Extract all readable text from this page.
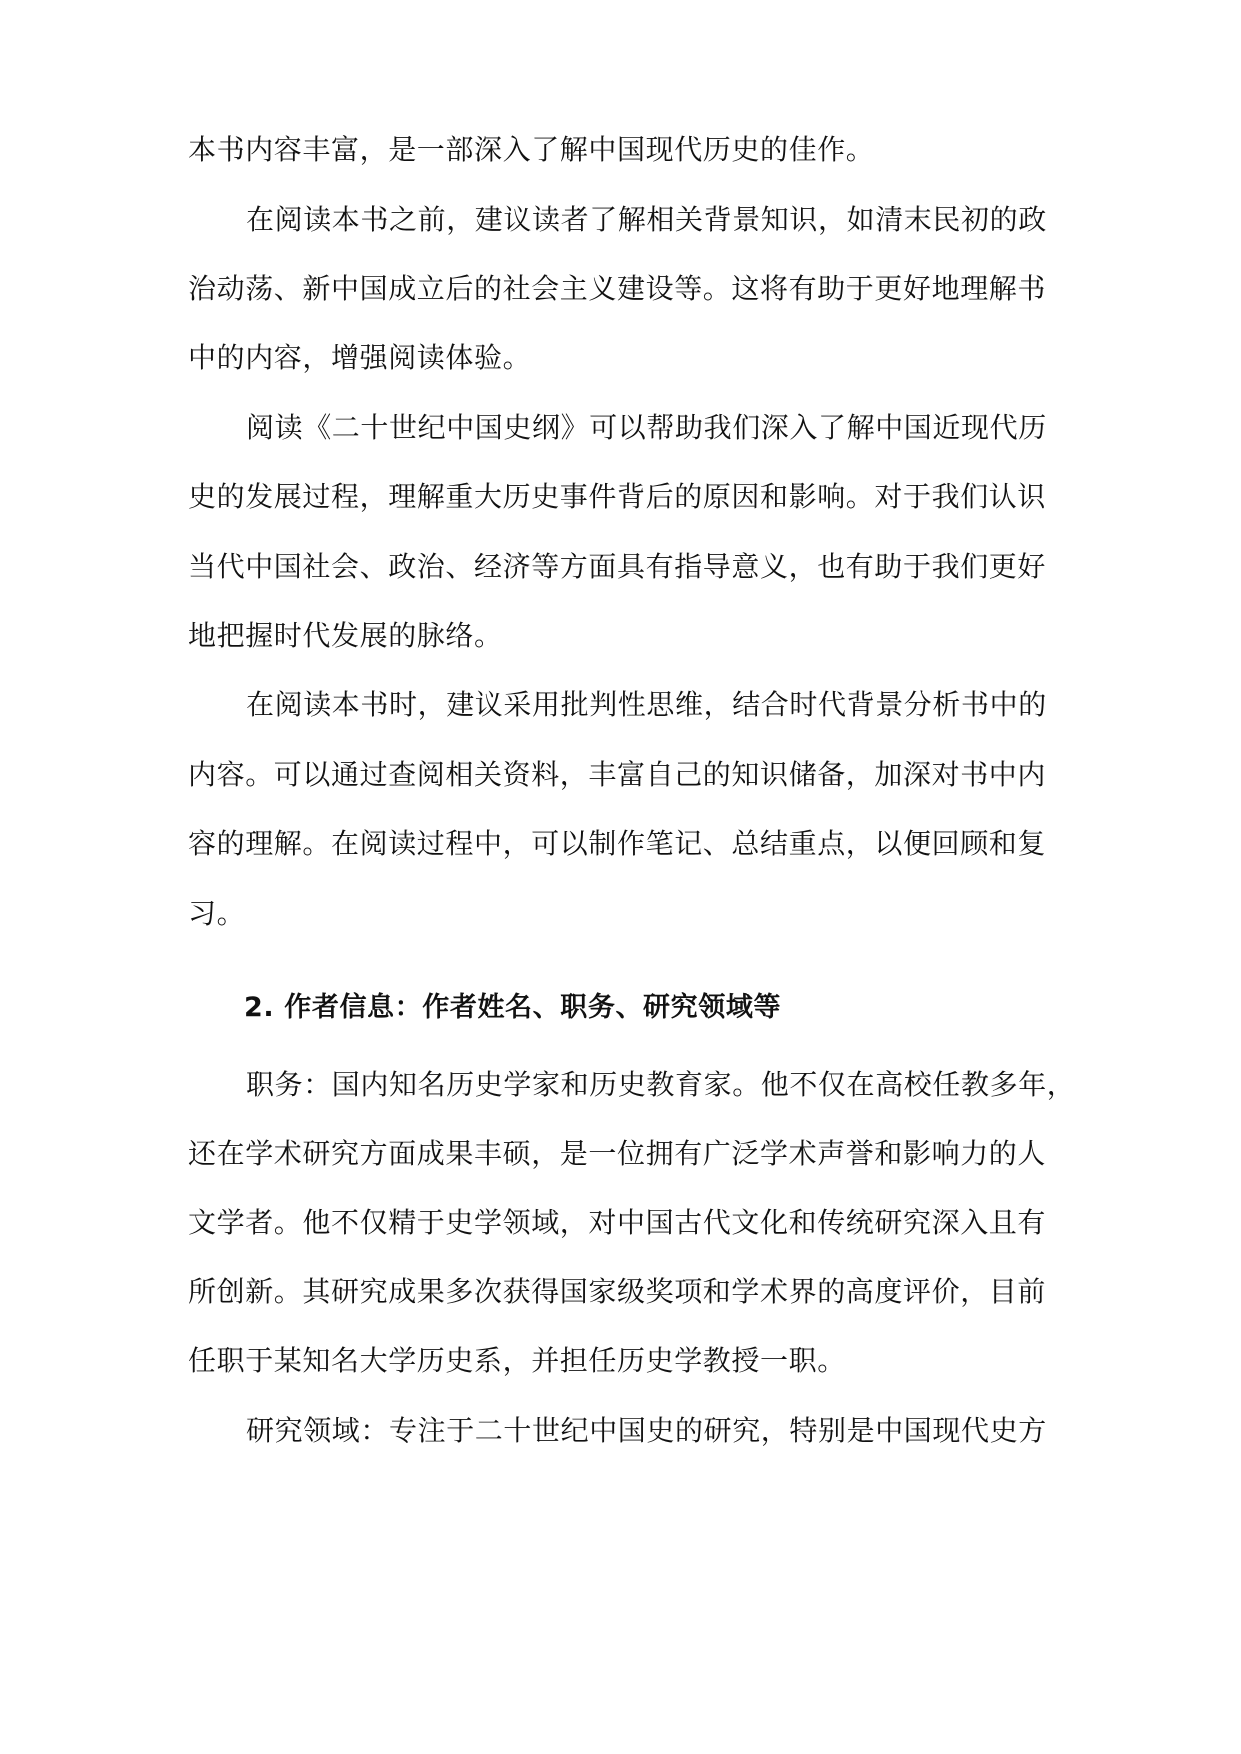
本书内容丰富，是一部深入了解中国现代历史的佳作。
在阅读本书之前，建议读者了解相关背景知识，如清末民初的政
治动荡、新中国成立后的社会主义建设等。这将有助于更好地理解书
中的内容，增强阅读体验。
阅读《二十世纪中国史纲》可以帮助我们深入了解中国近现代历
史的发展过程，理解重大历史事件背后的原因和影响。对于我们认识
当代中国社会、政治、经济等方面具有指导意义，也有助于我们更好
地把握时代发展的脉络。
在阅读本书时，建议采用批判性思维，结合时代背景分析书中的
内容。可以通过查阅相关资料，丰富自己的知识储备，加深对书中内
容的理解。在阅读过程中，可以制作笔记、总结重点，以便回顾和复
习。
2. 作者信息：作者姓名、职务、研究领域等
职务：国内知名历史学家和历史教育家。他不仅在高校任教多年，
还在学术研究方面成果丰硕，是一位拥有广泛学术声誉和影响力的人
文学者。他不仅精于史学领域，对中国古代文化和传统研究深入且有
所创新。其研究成果多次获得国家级奖项和学术界的高度评价，目前
任职于某知名大学历史系，并担任历史学教授一职。
研究领域：专注于二十世纪中国史的研究，特别是中国现代史方
